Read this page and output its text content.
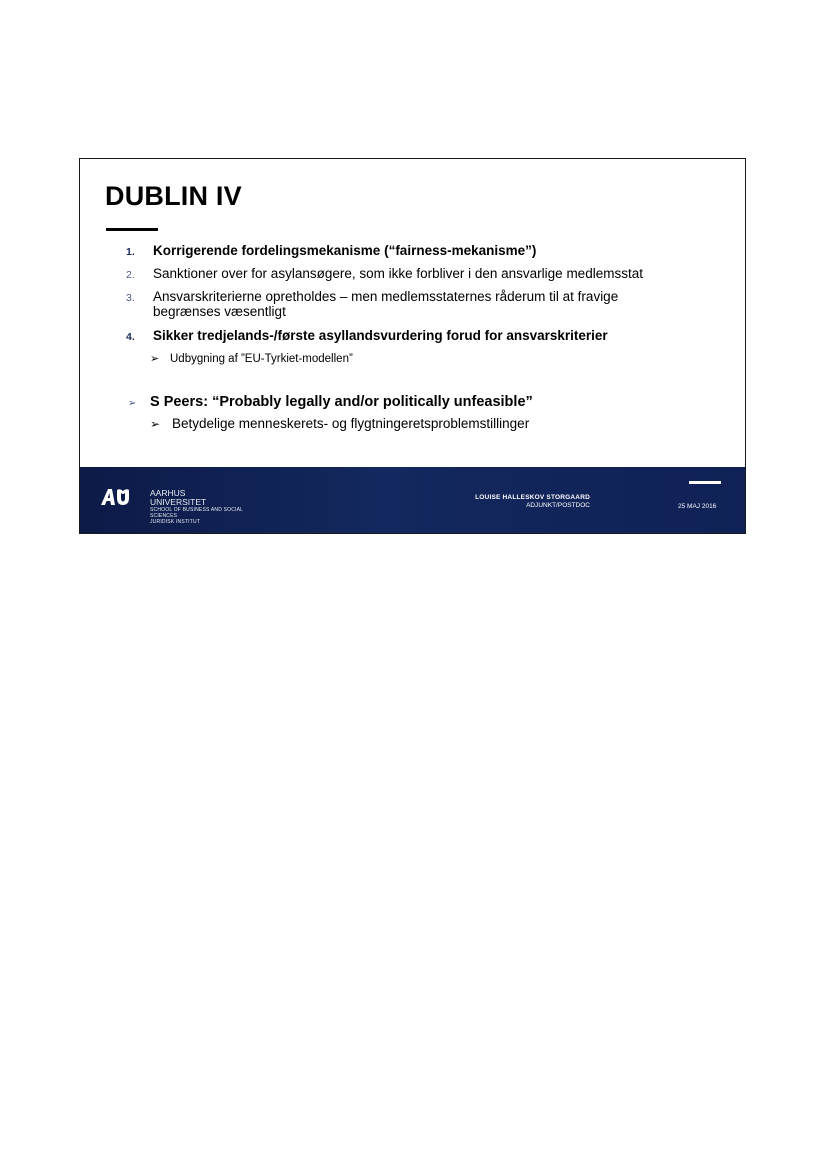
DUBLIN IV
1.	Korrigerende fordelingsmekanisme (“fairness-mekanisme”)
2.	Sanktioner over for asylansøgere, som ikke forbliver i den ansvarlige medlemsstat
3.	Ansvarskriterierne opretholdes – men medlemsstaternes råderum til at fravige
begrænses væsentligt
4.	Sikker tredjelands-/første asyllandsvurdering forud for ansvarskriterier
➢ Udbygning af ”EU-Tyrkiet-modellen”
➢ S Peers: “Probably legally and/or politically unfeasible”
➢ Betydelige menneskerets- og flygtningeretsproblemstillinger
AARHUS
UNIVERSITET
SCHOOL OF BUSINESS AND SOCIAL
SCIENCES
JURIDISK INSTITUT
LOUISE HALLESKOV STORGAARD
ADJUNKT/POSTDOC	25 MAJ 2016
